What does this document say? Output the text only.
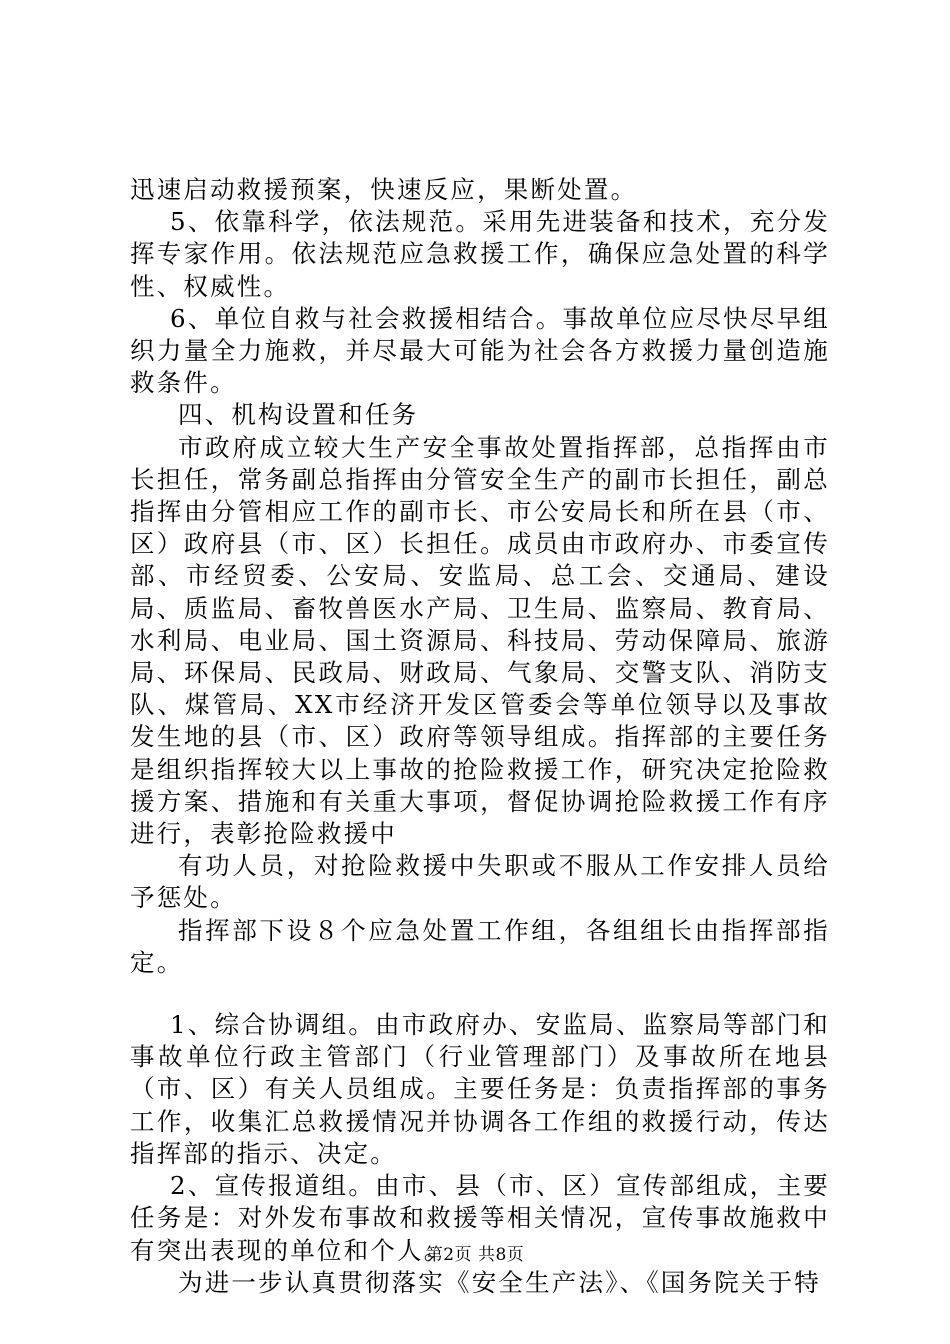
迅速启动救援预案，快速反应，果断处置。

5、依靠科学，依法规范。采用先进装备和技术，充分发挥专家作用。依法规范应急救援工作，确保应急处置的科学性、权威性。

6、单位自救与社会救援相结合。事故单位应尽快尽早组织力量全力施救，并尽最大可能为社会各方救援力量创造施救条件。

四、机构设置和任务

市政府成立较大生产安全事故处置指挥部，总指挥由市长担任，常务副总指挥由分管安全生产的副市长担任，副总指挥由分管相应工作的副市长、市公安局长和所在县（市、区）政府县（市、区）长担任。成员由市政府办、市委宣传部、市经贸委、公安局、安监局、总工会、交通局、建设局、质监局、畜牧兽医水产局、卫生局、监察局、教育局、水利局、电业局、国土资源局、科技局、劳动保障局、旅游局、环保局、民政局、财政局、气象局、交警支队、消防支队、煤管局、XX市经济开发区管委会等单位领导以及事故发生地的县（市、区）政府等领导组成。指挥部的主要任务是组织指挥较大以上事故的抢险救援工作，研究决定抢险救援方案、措施和有关重大事项，督促协调抢险救援工作有序进行，表彰抢险救援中

有功人员，对抢险救援中失职或不服从工作安排人员给予惩处。

指挥部下设８个应急处置工作组，各组组长由指挥部指定。

1、综合协调组。由市政府办、安监局、监察局等部门和事故单位行政主管部门（行业管理部门）及事故所在地县（市、区）有关人员组成。主要任务是：负责指挥部的事务工作，收集汇总救援情况并协调各工作组的救援行动，传达指挥部的指示、决定。

2、宣传报道组。由市、县（市、区）宣传部组成，主要任务是：对外发布事故和救援等相关情况，宣传事故施救中有突出表现的单位和个人。

为进一步认真贯彻落实《安全生产法》、《国务院关于特

第2页 共8页
